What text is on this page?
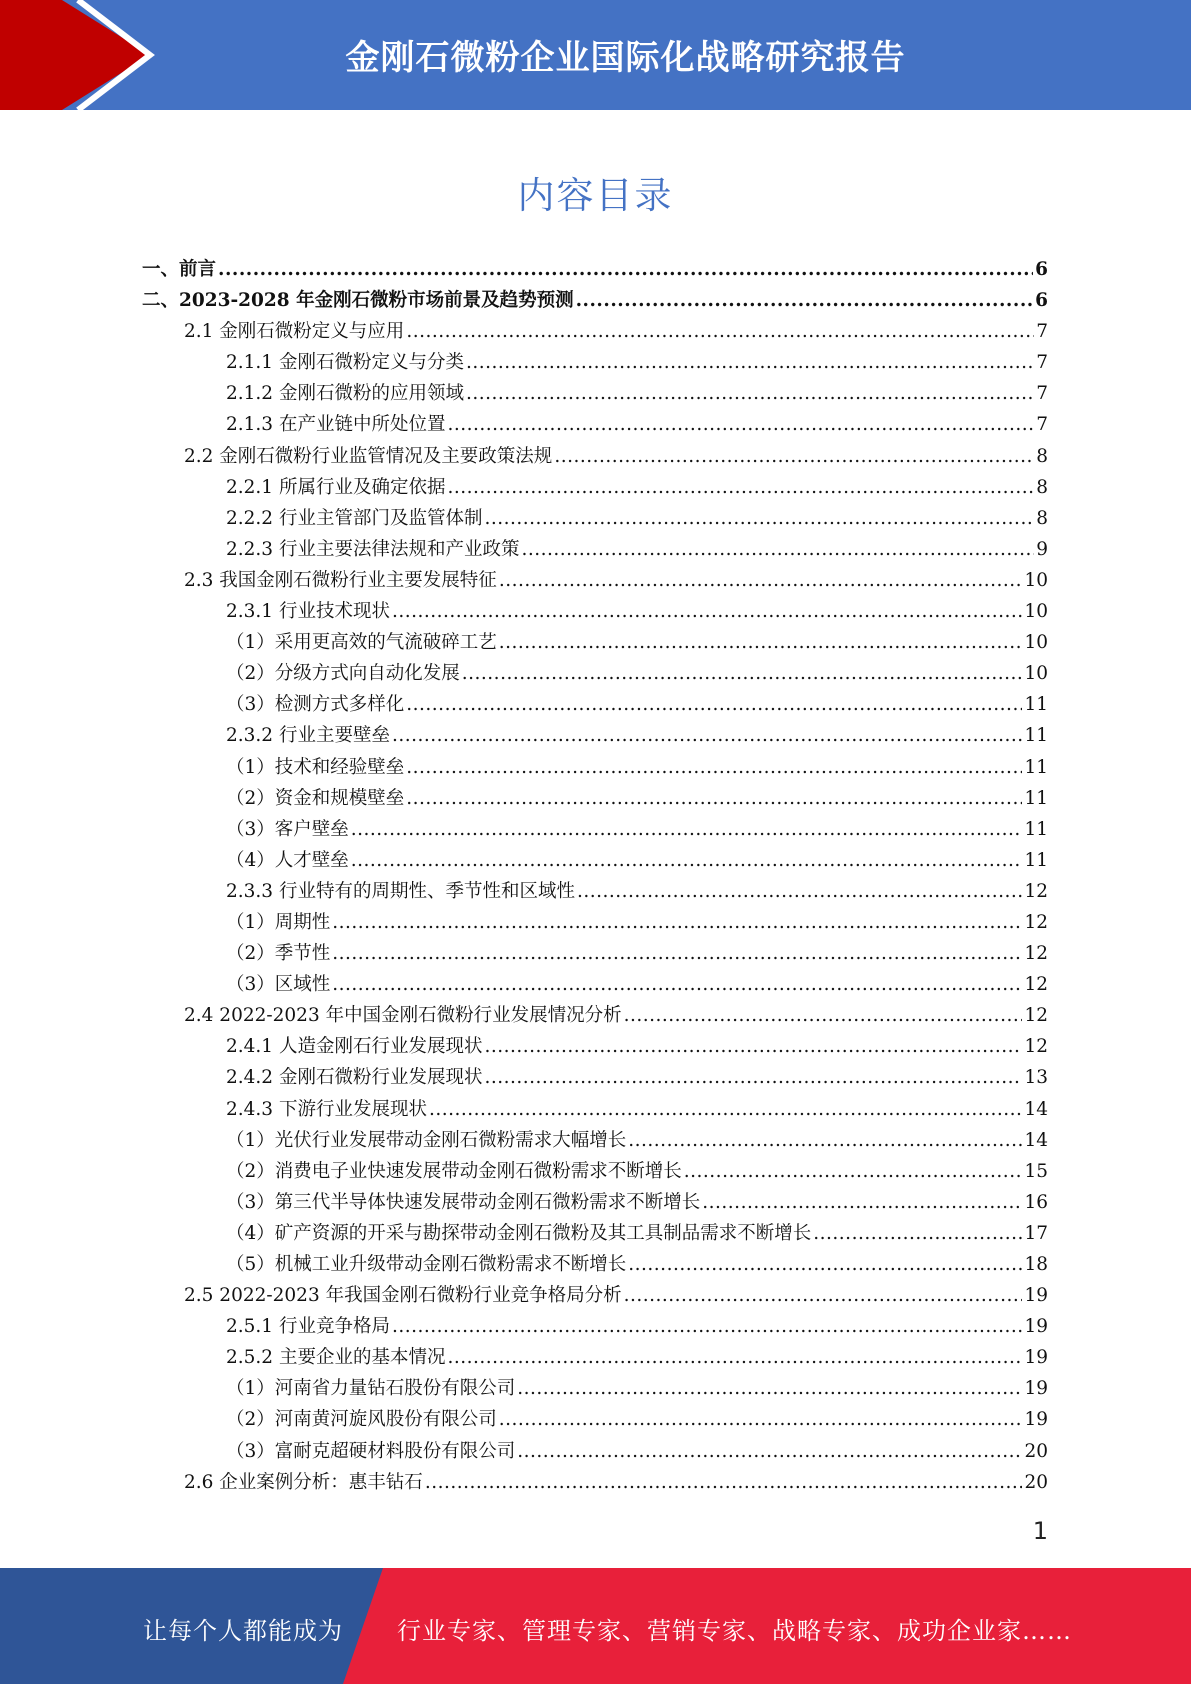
金刚石微粉企业国际化战略研究报告
内容目录
一、前言 .....	6
二、2023-2028 年金刚石微粉市场前景及趋势预测 .....	6
2.1 金刚石微粉定义与应用 .....	7
2.1.1 金刚石微粉定义与分类 .....	7
2.1.2 金刚石微粉的应用领域 .....	7
2.1.3 在产业链中所处位置 .....	7
2.2 金刚石微粉行业监管情况及主要政策法规 .....	8
2.2.1 所属行业及确定依据 .....	8
2.2.2 行业主管部门及监管体制 .....	8
2.2.3 行业主要法律法规和产业政策 .....	9
2.3 我国金刚石微粉行业主要发展特征 .....	10
2.3.1 行业技术现状 .....	10
（1）采用更高效的气流破碎工艺 .....	10
（2）分级方式向自动化发展 .....	10
（3）检测方式多样化 .....	11
2.3.2 行业主要壁垒 .....	11
（1）技术和经验壁垒 .....	11
（2）资金和规模壁垒 .....	11
（3）客户壁垒 .....	11
（4）人才壁垒 .....	11
2.3.3 行业特有的周期性、季节性和区域性 .....	12
（1）周期性 .....	12
（2）季节性 .....	12
（3）区域性 .....	12
2.4 2022-2023 年中国金刚石微粉行业发展情况分析 .....	12
2.4.1 人造金刚石行业发展现状 .....	12
2.4.2 金刚石微粉行业发展现状 .....	13
2.4.3 下游行业发展现状 .....	14
（1）光伏行业发展带动金刚石微粉需求大幅增长 .....	14
（2）消费电子业快速发展带动金刚石微粉需求不断增长 .....	15
（3）第三代半导体快速发展带动金刚石微粉需求不断增长 .....	16
（4）矿产资源的开采与勘探带动金刚石微粉及其工具制品需求不断增长 .....	17
（5）机械工业升级带动金刚石微粉需求不断增长 .....	18
2.5 2022-2023 年我国金刚石微粉行业竞争格局分析 .....	19
2.5.1 行业竞争格局 .....	19
2.5.2 主要企业的基本情况 .....	19
（1）河南省力量钻石股份有限公司 .....	19
（2）河南黄河旋风股份有限公司 .....	19
（3）富耐克超硬材料股份有限公司 .....	20
2.6 企业案例分析：惠丰钻石 .....	20
1
让每个人都能成为 行业专家、管理专家、营销专家、战略专家、成功企业家……
